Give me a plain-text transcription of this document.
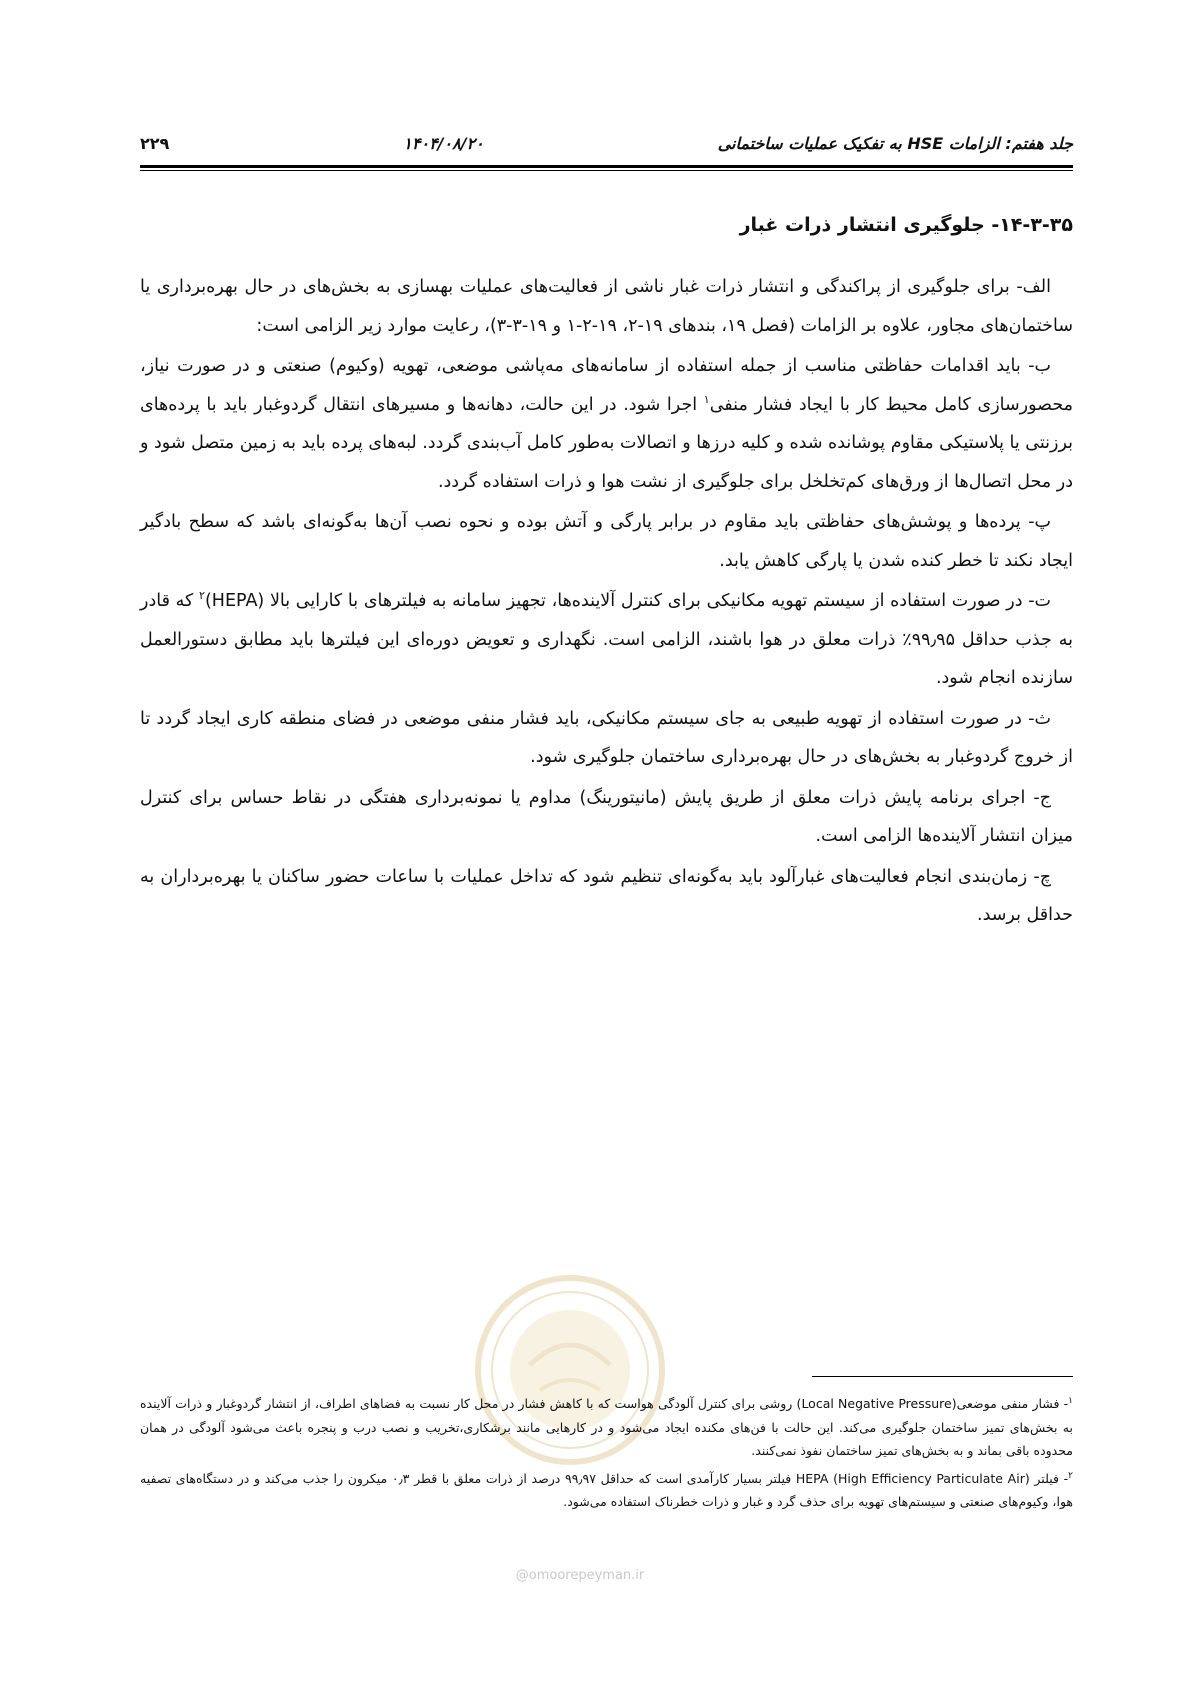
۲۲۹	۱۴۰۴/۰۸/۲۰	جلد هفتم: الزامات HSE به تفکیک عملیات ساختمانی
۱۴-۳-۳۵- جلوگیری انتشار ذرات غبار

الف- برای جلوگیری از پراکندگی و انتشار ذرات غبار ناشی از فعالیت‌های عملیات بهسازی به بخش‌های در حال بهره‌برداری یا ساختمان‌های مجاور، علاوه بر الزامات (فصل ۱۹، بندهای ۱۹-۲، ۱۹-۲-۱ و ۱۹-۳-۳)، رعایت موارد زیر الزامی است:

ب- باید اقدامات حفاظتی مناسب از جمله استفاده از سامانه‌های مه‌پاشی موضعی، تهویه (وکیوم) صنعتی و در صورت نیاز، محصورسازی کامل محیط کار با ایجاد فشار منفی$^۱$ اجرا شود. در این حالت، دهانه‌ها و مسیرهای انتقال گردوغبار باید با پرده‌های برزنتی یا پلاستیکی مقاوم پوشانده شده و کلیه درزها و اتصالات به‌طور کامل آب‌بندی گردد. لبه‌های پرده باید به زمین متصل شود و در محل اتصال‌ها از ورق‌های کم‌تخلخل برای جلوگیری از نشت هوا و ذرات استفاده گردد.

پ- پرده‌ها و پوشش‌های حفاظتی باید مقاوم در برابر پارگی و آتش بوده و نحوه نصب آن‌ها به‌گونه‌ای باشد که سطح بادگیر ایجاد نکند تا خطر کنده شدن یا پارگی کاهش یابد.

ت- در صورت استفاده از سیستم تهویه مکانیکی برای کنترل آلاینده‌ها، تجهیز سامانه به فیلترهای با کارایی بالا (HEPA)$^۲$ که قادر به جذب حداقل ۹۹٫۹۵٪ ذرات معلق در هوا باشند، الزامی است. نگهداری و تعویض دوره‌ای این فیلترها باید مطابق دستورالعمل سازنده انجام شود.

ث- در صورت استفاده از تهویه طبیعی به جای سیستم مکانیکی، باید فشار منفی موضعی در فضای منطقه کاری ایجاد گردد تا از خروج گردوغبار به بخش‌های در حال بهره‌برداری ساختمان جلوگیری شود.

ج- اجرای برنامه پایش ذرات معلق از طریق پایش (مانیتورینگ) مداوم یا نمونه‌برداری هفتگی در نقاط حساس برای کنترل میزان انتشار آلاینده‌ها الزامی است.

چ- زمان‌بندی انجام فعالیت‌های غبارآلود باید به‌گونه‌ای تنظیم شود که تداخل عملیات با ساعات حضور ساکنان یا بهره‌برداران به حداقل برسد.

@omoorepeyman.ir

$^۱$- فشار منفی موضعی(Local Negative Pressure) روشی برای کنترل آلودگی هواست که با کاهش فشار در محل کار نسبت به فضاهای اطراف، از انتشار گردوغبار و ذرات آلاینده به بخش‌های تمیز ساختمان جلوگیری می‌کند. این حالت با فن‌های مکنده ایجاد می‌شود و در کارهایی مانند برشکاری،تخریب و نصب درب و پنجره باعث می‌شود آلودگی در همان محدوده باقی بماند و به بخش‌های تمیز ساختمان نفوذ نمی‌کنند.

$^۲$- فیلتر HEPA (High Efficiency Particulate Air) فیلتر بسیار کارآمدی است که حداقل ۹۹٫۹۷ درصد از ذرات معلق با قطر ۰٫۳ میکرون را جذب می‌کند و در دستگاه‌های تصفیه هوا، وکیوم‌های صنعتی و سیستم‌های تهویه برای حذف گرد و غبار و ذرات خطرناک استفاده می‌شود.
